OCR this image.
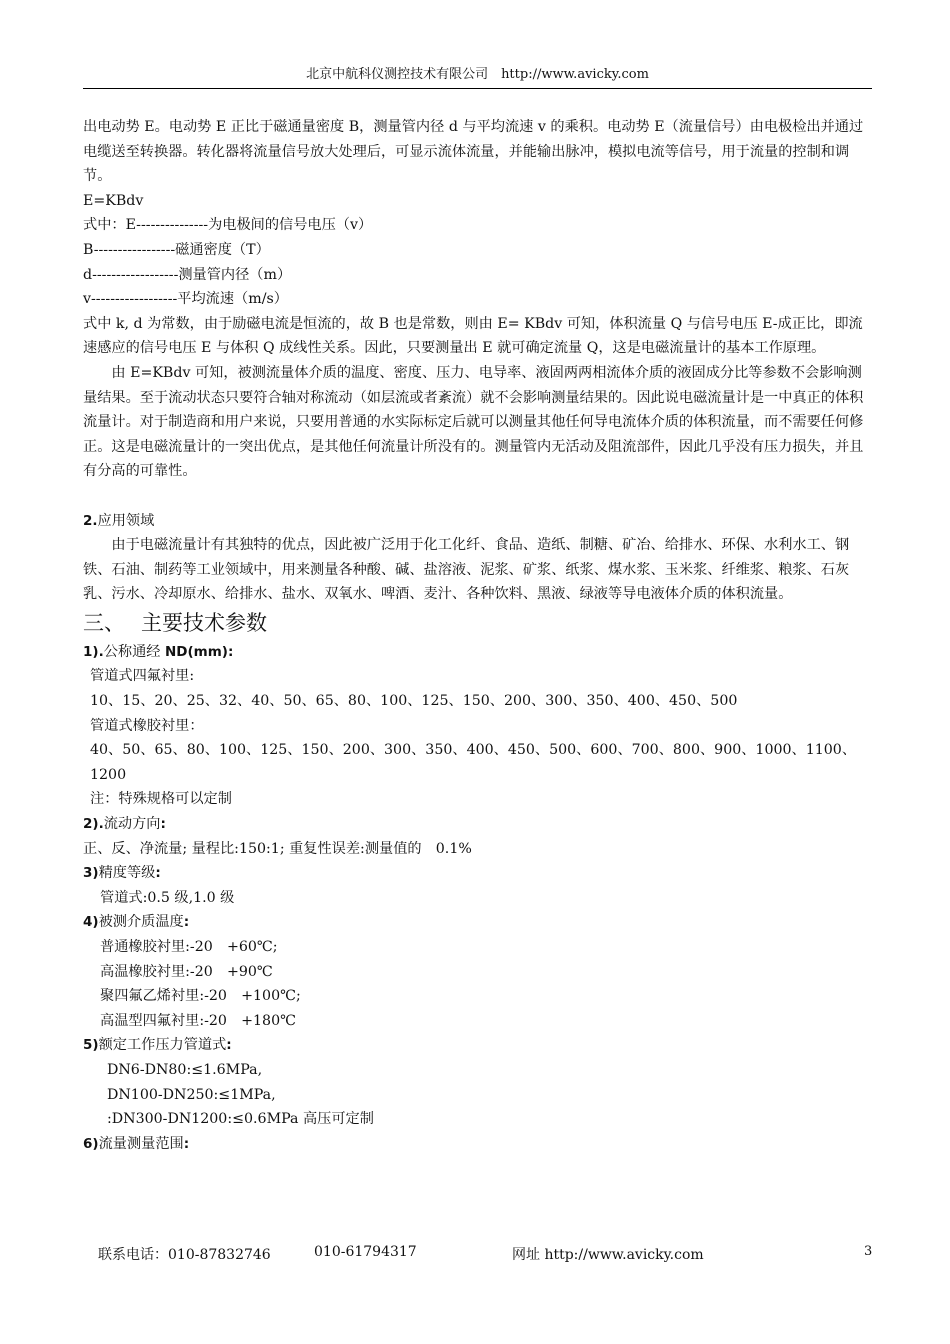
北京中航科仪测控技术有限公司　http://www.avicky.com

出电动势 E。电动势 E 正比于磁通量密度 B，测量管内径 d 与平均流速 v 的乘积。电动势 E（流量信号）由电极检出并通过电缆送至转换器。转化器将流量信号放大处理后，可显示流体流量，并能输出脉冲，模拟电流等信号，用于流量的控制和调节。

E=KBdv

式中：E---------------为电极间的信号电压（v）

B-----------------磁通密度（T）

d------------------测量管内径（m）

v------------------平均流速（m/s）

式中 k, d 为常数，由于励磁电流是恒流的，故 B 也是常数，则由 E= KBdv 可知，体积流量 Q 与信号电压 E-成正比，即流速感应的信号电压 E 与体积 Q 成线性关系。因此，只要测量出 E 就可确定流量 Q，这是电磁流量计的基本工作原理。

由 E=KBdv 可知，被测流量体介质的温度、密度、压力、电导率、液固两两相流体介质的液固成分比等参数不会影响测量结果。至于流动状态只要符合轴对称流动（如层流或者紊流）就不会影响测量结果的。因此说电磁流量计是一中真正的体积流量计。对于制造商和用户来说，只要用普通的水实际标定后就可以测量其他任何导电流体介质的体积流量，而不需要任何修正。这是电磁流量计的一突出优点，是其他任何流量计所没有的。测量管内无活动及阻流部件，因此几乎没有压力损失，并且有分高的可靠性。

2.应用领域

由于电磁流量计有其独特的优点，因此被广泛用于化工化纤、食品、造纸、制糖、矿冶、给排水、环保、水利水工、钢铁、石油、制药等工业领域中，用来测量各种酸、碱、盐溶液、泥浆、矿浆、纸浆、煤水浆、玉米浆、纤维浆、粮浆、石灰乳、污水、冷却原水、给排水、盐水、双氧水、啤酒、麦汁、各种饮料、黑液、绿液等导电液体介质的体积流量。

三、 主要技术参数

1).公称通经 ND(mm):

管道式四氟衬里:

10、15、20、25、32、40、50、65、80、100、125、150、200、300、350、400、450、500

管道式橡胶衬里：

40、50、65、80、100、125、150、200、300、350、400、450、500、600、700、800、900、1000、1100、1200

注：特殊规格可以定制

2).流动方向:

正、反、净流量; 量程比:150:1; 重复性误差:测量值的　0.1%

3)精度等级:

管道式:0.5 级,1.0 级

4)被测介质温度:

普通橡胶衬里:-20　+60℃;

高温橡胶衬里:-20　+90℃

聚四氟乙烯衬里:-20　+100℃;

高温型四氟衬里:-20　+180℃

5)额定工作压力管道式:

DN6-DN80:≤1.6MPa,

DN100-DN250:≤1MPa,

:DN300-DN1200:≤0.6MPa 高压可定制

6)流量测量范围:

联系电话：010-87832746	010-61794317	网址 http://www.avicky.com	3
